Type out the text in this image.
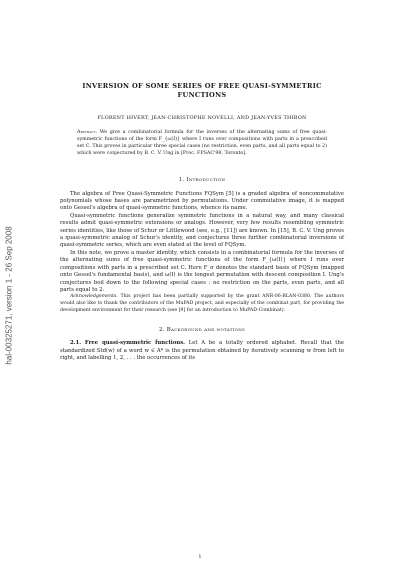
hal-00325271, version 1 - 26 Sep 2008
INVERSION OF SOME SERIES OF FREE QUASI-SYMMETRIC FUNCTIONS
FLORENT HIVERT, JEAN-CHRISTOPHE NOVELLI, AND JEAN-YVES THIBON
Abstract. We give a combinatorial formula for the inverses of the alternating sums of free quasi-symmetric functions of the form F_{ω(I)} where I runs over compositions with parts in a prescribed set C. This proves in particular three special cases (no restriction, even parts, and all parts equal to 2) which were conjectured by B. C. V. Ung in [Proc. FPSAC'98, Toronto].
1. Introduction

The algebra of Free Quasi-Symmetric Functions FQSym [5] is a graded algebra of noncommutative polynomials whose bases are parametrized by permutations. Under commutative image, it is mapped onto Gessel's algebra of quasi-symmetric functions, whence its name.

Quasi-symmetric functions generalize symmetric functions in a natural way, and many classical results admit quasi-symmetric extensions or analogs. However, very few results resembling symmetric series identities, like those of Schur or Littlewood (see, e.g., [11]) are known. In [15], B. C. V. Ung proves a quasi-symmetric analog of Schur's identity, and conjectures three further combinatorial inversions of quasi-symmetric series, which are even stated at the level of FQSym.

In this note, we prove a master identity, which consists in a combinatorial formula for the inverses of the alternating sums of free quasi-symmetric functions of the form F_{ω(I)} where I runs over compositions with parts in a prescribed set C. Here F_σ denotes the standard basis of FQSym (mapped onto Gessel's fundamental basis), and ω(I) is the longest permutation with descent composition I. Ung's conjectures boil down to the following special cases : no restriction on the parts, even parts, and all parts equal to 2.

Acknowledgements. This project has been partially supported by the grant ANR-06-BLAN-0380. The authors would also like to thank the contributors of the MuPAD project, and especially of the combinat part, for providing the development environment for their research (see [9] for an introduction to MuPAD-Combinat).

2. Background and notations

2.1. Free quasi-symmetric functions. Let A be a totally ordered alphabet. Recall that the standardized Std(w) of a word w ∈ A* is the permutation obtained by iteratively scanning w from left to right, and labelling 1, 2, . . . the occurrences of its

1
